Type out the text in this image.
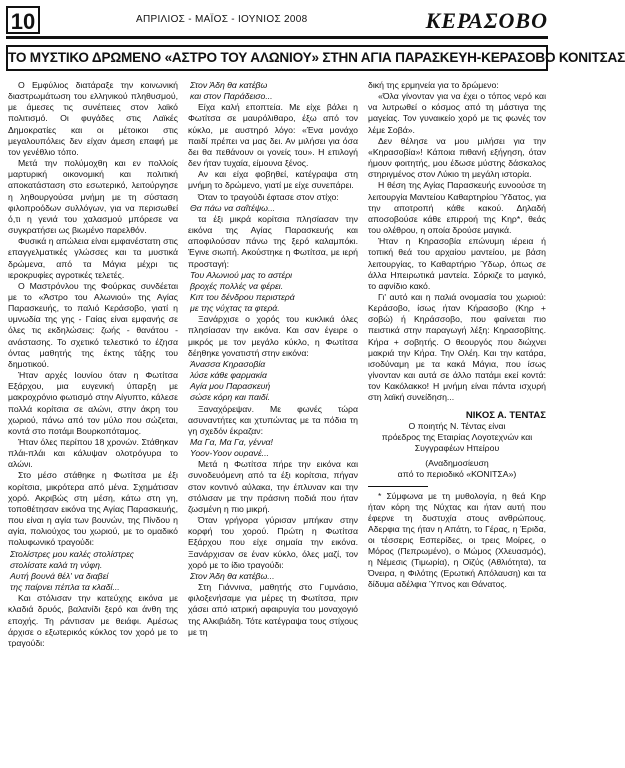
10	ΑΠΡΙΛΙΟΣ - ΜΑΪΟΣ - ΙΟΥΝΙΟΣ 2008	ΚΕΡΑΣΟΒΟ
ΤΟ ΜΥΣΤΙΚΟ ΔΡΩΜΕΝΟ «ΑΣΤΡΟ ΤΟΥ ΑΛΩΝΙΟΥ» ΣΤΗΝ ΑΓΙΑ ΠΑΡΑΣΚΕΥΗ-ΚΕΡΑΣΟΒΟ ΚΟΝΙΤΣΑΣ

Ο Εμφύλιος διατάραξε την κοινωνική διαστρωμάτωση του ελληνικού πληθυσμού, με άμεσες τις συνέπειες στον λαϊκό πολιτισμό. Οι φυγάδες στις Λαϊκές Δημοκρατίες και οι μέτοικοι στις μεγαλουπόλεις δεν είχαν άμεση επαφή με τον γενέθλιο τόπο.

Μετά την πολύμοχθη και εν πολλοίς μαρτυρική οικονομική και πολιτική αποκατάσταση στο εσωτερικό, λειτούργησε η ληθουργούσα μνήμη με τη σύσταση φιλοπροόδων συλλόγων, για να περισωθεί ό,τι η γενιά του χαλασμού μπόρεσε να συγκρατήσει ως βιωμένο παρελθόν.

Φυσικά η απώλεια είναι εμφανέστατη στις επαγγελματικές γλώσσες και τα μυστικά δρώμενα, από τα Μάγια μέχρι τις ιεροκρυφίες αγροτικές τελετές.

Ο Μαστρόνλου της Φούρκας συνδέεται με το «Άστρο του Αλωνιού» της Αγίας Παρασκευής, το παλιό Κεράσοβο, γιατί η υμνωδία της γης - Γαίας είναι εμφανής σε όλες τις εκδηλώσεις: ζωής - θανάτου - ανάστασης. Το σχετικό τελεστικό το έζησα όντας μαθητής της έκτης τάξης του δημοτικού.

Ήταν αρχές Ιουνίου όταν η Φωτίτσα Εξάρχου, μια ευγενική ύπαρξη με μακροχρόνιο φωτισμό στην Αίγυπτο, κάλεσε πολλά κορίτσια σε αλώνι, στην άκρη του χωριού, πάνω από τον μύλο που σώζεται, κοντά στο ποτάμι Βουρκοπόταμος.

Ήταν όλες περίπου 18 χρονών. Στάθηκαν πλάι-πλάι και κάλυψαν ολοτρόγυρα το αλώνι.

Στο μέσο στάθηκε η Φωτίτσα με έξι κορίτσια, μικρότερα από μένα. Σχημάτισαν χορό. Ακριβώς στη μέση, κάτω στη γη, τοποθέτησαν εικόνα της Αγίας Παρασκευής, που είναι η αγία των βουνών, της Πίνδου η αγία, πολιούχος του χωριού, με το ομαδικό πολυφωνικό τραγούδι:

Στολίστρες μου καλές στολίστρες

στολίσατε καλά τη νύφη.

Αυτή βουνά θέλ' να διαβεί

της παίρνει πέπλα τα κλαδί...

Και στόλισαν την κατεύχης εικόνα με κλαδιά δρυός, βαλανίδι ξερό και άνθη της εποχής. Τη ράντισαν με θειάφι. Αμέσως άρχισε ο εξωτερικός κύκλος τον χορό με το τραγούδι:

Στον Άδη θα κατέβω

και στον Παράδεισο...

Είχα καλή εποπτεία. Με είχε βάλει η Φωτίτσα σε μαυρόλιθαρο, έξω από τον κύκλο, με αυστηρό λόγο: «Ένα μονάχο παιδί πρέπει να μας δει. Αν μιλήσει για όσα δει θα πεθάνουν οι γονείς του». Η επιλογή δεν ήταν τυχαία, είμουνα ξένος.

Αν και είχα φοβηθεί, κατέγραψα στη μνήμη το δρώμενο, γιατί με είχε συνεπάρει.

Όταν το τραγούδι έφτασε στον στίχο:

Θα πάω να σαΐτέψω...

τα έξι μικρά κορίτσια πλησίασαν την εικόνα της Αγίας Παρασκευής και αποφιλούσαν πάνω της ξερό καλαμπόκι. Έγινε σιωπή. Ακούστηκε η Φωτίτσα, με ιερή προσταγή:

Του Αλωνιού μας το αστέρι

βροχές πολλές να φέρει.

Κιπ του δένδρου περιστερά

με της νύχτας τα φτερά.

Ξανάρχισε ο χορός του κυκλικά όλες πλησίασαν την εικόνα. Και σαν έγειρε ο μικρός με τον μεγάλο κύκλο, η Φωτίτσα δέηθηκε γονατιστή στην εικόνα:

Άνασσα Κηρασοβία

λύσε κάθε φαρμακία

Αγία μου Παρασκευή

σώσε κόρη και παιδί.

Ξαναχόρεψαν. Με φωνές τώρα ασυναντήτες και χτυπώντας με τα πόδια τη γη σχεδόν έκραζαν:

Μα Γα, Μα Γα, γέννα!

Υοον-Υοον ουρανέ...

Μετά η Φωτίτσα πήρε την εικόνα και συνοδευόμενη από τα έξι κορίτσια, πήγαν στον κοντινό αύλακα, την έπλυναν και την στόλισαν με την πράσινη ποδιά που ήταν ζωσμένη η πιο μικρή.

Όταν γρήγορα γύρισαν μπήκαν στην κορφή του χορού. Πρώτη η Φωτίτσα Εξάρχου που είχε σημαία την εικόνα. Ξανάρχισαν σε έναν κύκλο, όλες μαζί, τον χορό με το ίδιο τραγούδι:

Στον Άδη θα κατέβω...

Στη Γιάννινα, μαθητής στο Γυμνάσιο, φιλοξενήσαμε για μέρες τη Φωτίτσα, πριν χάσει από ιατρική αφαιρυγία του μοναχογιό της Αλκιβιάδη. Τότε κατέγραψα τους στίχους με τη

δική της ερμηνεία για το δρώμενο:

«Όλα γίνονταν για να έχει ο τόπος νερό και να λυτρωθεί ο κόσμος από τη μάστιγα της μαγείας. Τον γυναικείο χορό με τις φωνές τον λέμε Σοβά».

Δεν θέλησε να μου μιλήσει για την «Κηρασοβία»! Κάποια πιθανή εξήγηση, όταν ήμουν φοιτητής, μου έδωσε μύστης δάσκαλος στηριγμένος στον Λύκιο τη μεγάλη ιστορία.

Η θέση της Αγίας Παρασκευής ευνοούσε τη λειτουργία Μαντείου Καθαρτηρίου Ύδατος, για την αποτροπή κάθε κακού. Δηλαδή αποσοβούσε κάθε επιρροή της Κηρ*, θεάς του ολέθρου, η οποία δρούσε μαγικά.

Ήταν η Κηρασοβία επώνυμη ιέρεια ή τοπική θεά του αρχαίου μαντείου, με βάση λειτουργίας, το Καθαρτήριο Ύδωρ, όπως σε άλλα Ηπειρωτικά μαντεία. Σόρκιζε το μαγικό, το αφνίδιο κακό.

Γι' αυτό και η παλιά ονομασία του χωριού: Κεράσοβο, ίσως ήταν Κήρασοβο (Κηρ + σοβώ) ή Κηράσσοβο, που φαίνεται πιο πειστικά στην παραγωγή λέξη: Κηρασοβίτης. Κήρα + σοβητής. Ο θεουργός που διώχνει μακριά την Κήρα. Την Ολέη. Και την κατάρα, ισοδύναμη με τα κακά Μάγια, που ίσως γίνονταν και αυτά σε άλλο πατάμι εκεί κοντά: τον Κακόλακκο! Η μνήμη είναι πάντα ισχυρή στη λαϊκή συνείδηση...

ΝΙΚΟΣ Α. ΤΕΝΤΑΣ
Ο ποιητής Ν. Τέντας είναι
πρόεδρος της Εταιρίας Λογοτεχνών και Συγγραφέων Ηπείρου
(Αναδημοσίευση
από το περιοδικό «ΚΟΝΙΤΣΑ»)

* Σύμφωνα με τη μυθολογία, η θεά Κηρ ήταν κόρη της Νύχτας και ήταν αυτή που έφερνε τη δυστυχία στους ανθρώπους. Αδερφια της ήταν η Απάτη, το Γέρας, η Έριδα, οι τέσσερις Εσπερίδες, οι τρεις Μοίρες, ο Μόρος (Πεπρωμένο), ο Μώμος (Χλευασμός), η Νέμεσις (Τιμωρία), η Οϊζύς (Αθλιότητα), τα Όνειρα, η Φιλότης (Ερωτική Απόλαυση) και τα δίδυμα αδέλφια Ύπνος και Θάνατος.
